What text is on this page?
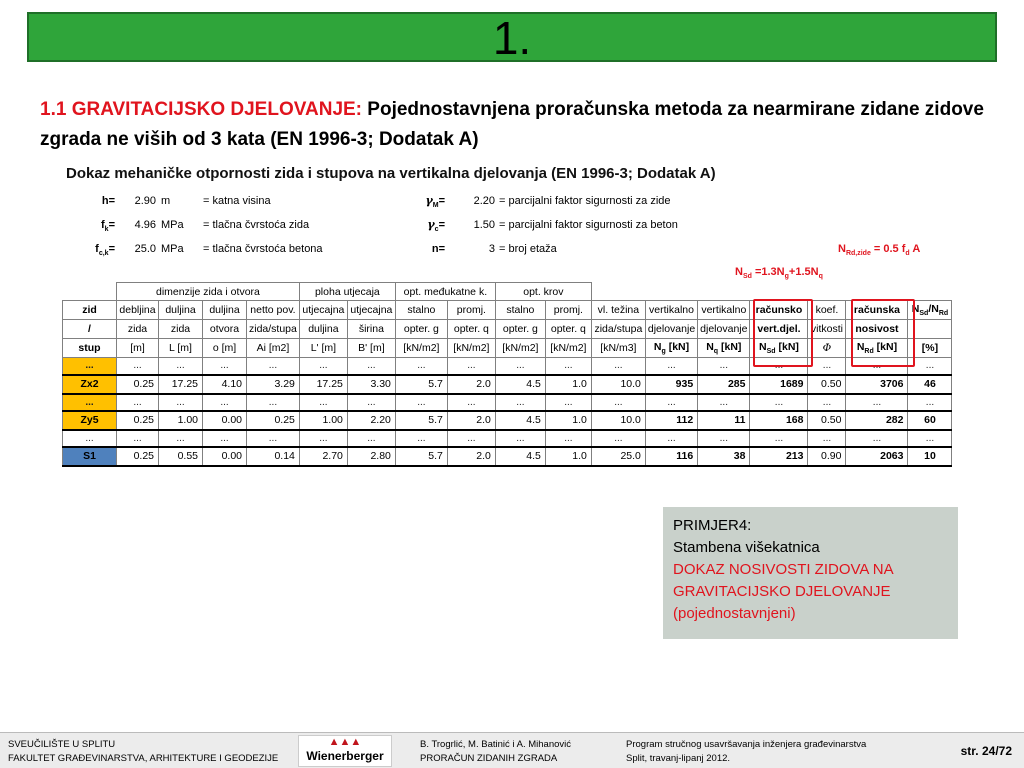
1.
1.1 GRAVITACIJSKO DJELOVANJE: Pojednostavnjena proračunska metoda za nearmirane zidane zidove zgrada ne viših od 3 kata (EN 1996-3; Dodatak A)
Dokaz mehaničke otpornosti zida i stupova na vertikalna djelovanja (EN 1996-3; Dodatak A)
h=	2.90 m	= katna visina
$f_k=$	4.96 MPa = tlačna čvrstoća zida
$f_{c,k}=$	25.0 MPa = tlačna čvrstoća betona
$\gamma_M=$	2.20 = parcijalni faktor sigurnosti za zide
$\gamma_c=$	1.50 = parcijalni faktor sigurnosti za beton
n=	3 = broj etaža	$N_{Rd,zide} = 0.5$ $f_d$ A
$N_{Sd} =1.3N_g+1.5N_q$
	dimenzije zida i otvora				ploha utjecaja		opt. međukatne k.		opt. krov								
zid	debljina	duljina	duljina	netto pov.	utjecajna	utjecajna	stalno	promj.	stalno	promj.	vl. težina	vertikalno	vertikalno	računsko	koef.	računska	$N_{Sd}/N_{Rd}$
/	zida	zida	otvora	zida/stupa	duljina	širina	opter. g	opter. q	opter. g	opter. q	zida/stupa	djelovanje	djelovanje	vert.djel.	vitkosti	nosivost	
stup	[m]	L [m]	o [m]	Ai [m2]	L' [m]	B' [m]	[kN/m2]	[kN/m2]	[kN/m2]	[kN/m2]	[kN/m3]	$N_g$ [kN]	$N_q$ [kN]	$N_{Sd}$ [kN]	Φ	$N_{Rd}$ [kN]	[%]
...	...	...	...	...	...	...	...	...	...	...	...	...	...	...	...	...	...
Zx2	0.25	17.25	4.10	3.29	17.25	3.30	5.7	2.0	4.5	1.0	10.0	935	285	1689	0.50	3706	46
...	...	...	...	...	...	...	...	...	...	...	...	...	...	...	...	...	...
Zy5	0.25	1.00	0.00	0.25	1.00	2.20	5.7	2.0	4.5	1.0	10.0	112	11	168	0.50	282	60
...	...	...	...	...	...	...	...	...	...	...	...	...	...	...	...	...	...
S1	0.25	0.55	0.00	0.14	2.70	2.80	5.7	2.0	4.5	1.0	25.0	116	38	213	0.90	2063	10
PRIMJER4:
Stambena višekatnica
DOKAZ NOSIVOSTI ZIDOVA NA
GRAVITACIJSKO DJELOVANJE
(pojednostavnjeni)
SVEUČILIŠTE U SPLITU
FAKULTET GRAĐEVINARSTVA, ARHITEKTURE I GEODEZIJE
▲▲▲
Wienerberger
B. Trogrlić, M. Batinić i A. Mihanović
PRORAČUN ZIDANIH ZGRADA
Program stručnog usavršavanja inženjera građevinarstva
Split, travanj-lipanj 2012.
str. 24/72
